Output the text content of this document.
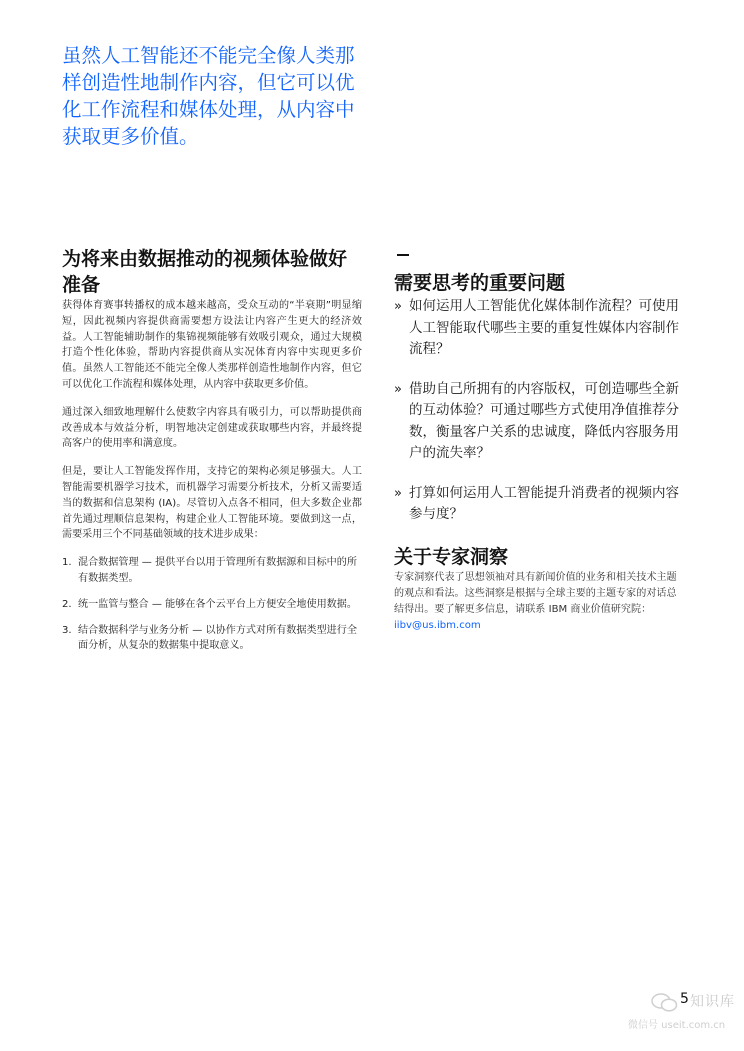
虽然人工智能还不能完全像人类那样创造性地制作内容，但它可以优化工作流程和媒体处理，从内容中获取更多价值。

为将来由数据推动的视频体验做好准备

获得体育赛事转播权的成本越来越高，受众互动的“半衰期”明显缩短，因此视频内容提供商需要想方设法让内容产生更大的经济效益。人工智能辅助制作的集锦视频能够有效吸引观众，通过大规模打造个性化体验，帮助内容提供商从实况体育内容中实现更多价值。虽然人工智能还不能完全像人类那样创造性地制作内容，但它可以优化工作流程和媒体处理，从内容中获取更多价值。

通过深入细致地理解什么使数字内容具有吸引力，可以帮助提供商改善成本与效益分析，明智地决定创建或获取哪些内容，并最终提高客户的使用率和满意度。

但是，要让人工智能发挥作用，支持它的架构必须足够强大。人工智能需要机器学习技术，而机器学习需要分析技术，分析又需要适当的数据和信息架构 (IA)。尽管切入点各不相同，但大多数企业都首先通过理顺信息架构，构建企业人工智能环境。要做到这一点，需要采用三个不同基础领域的技术进步成果：

1. 混合数据管理 — 提供平台以用于管理所有数据源和目标中的所有数据类型。
2. 统一监管与整合 — 能够在各个云平台上方便安全地使用数据。
3. 结合数据科学与业务分析 — 以协作方式对所有数据类型进行全面分析，从复杂的数据集中提取意义。
需要思考的重要问题
» 如何运用人工智能优化媒体制作流程？可使用人工智能取代哪些主要的重复性媒体内容制作流程？
» 借助自己所拥有的内容版权，可创造哪些全新的互动体验？可通过哪些方式使用净值推荐分数，衡量客户关系的忠诚度，降低内容服务用户的流失率？
» 打算如何运用人工智能提升消费者的视频内容参与度？
关于专家洞察

专家洞察代表了思想领袖对具有新闻价值的业务和相关技术主题的观点和看法。这些洞察是根据与全球主要的主题专家的对话总结得出。要了解更多信息，请联系 IBM 商业价值研究院：iibv@us.ibm.com

5 知识库
微信号 useit.com.cn
